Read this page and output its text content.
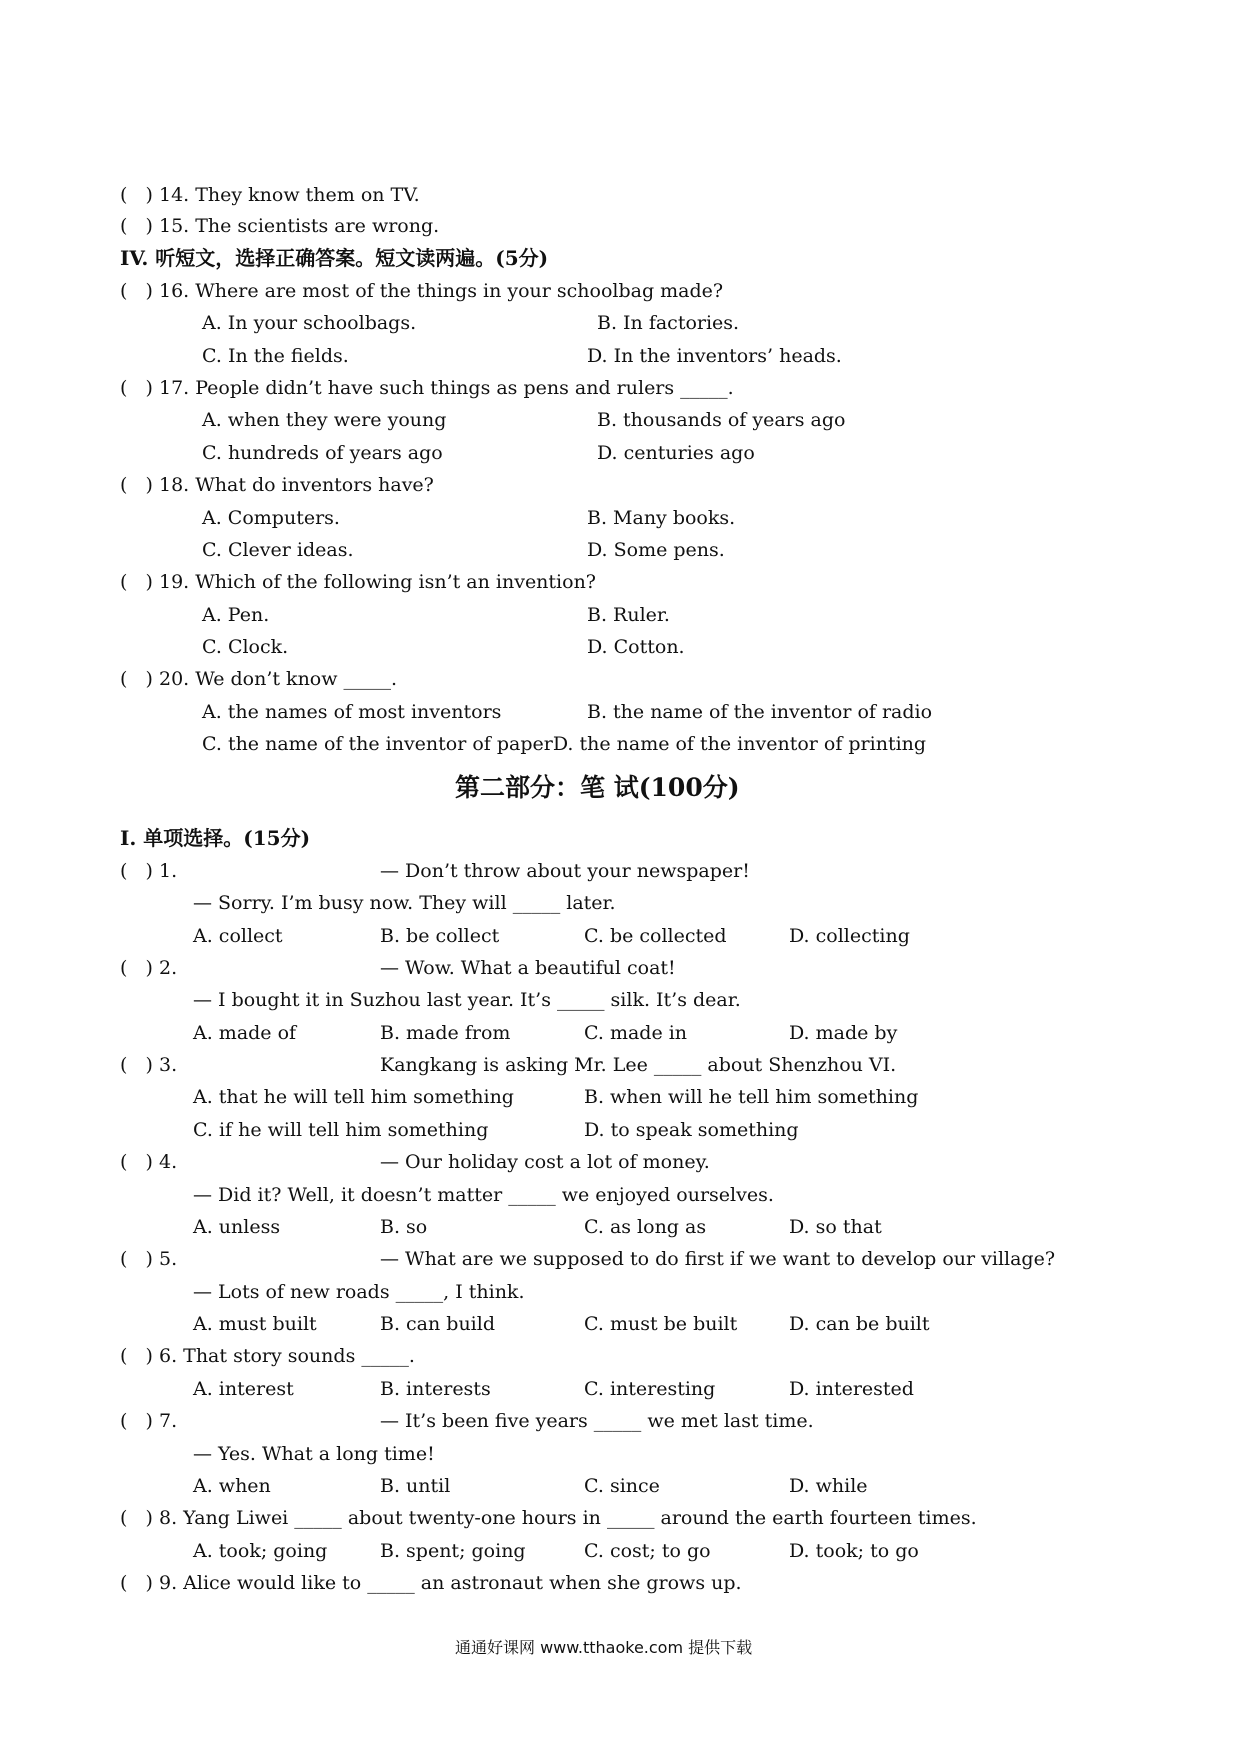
(   ) 14. They know them on TV.
(   ) 15. The scientists are wrong.
IV. 听短文，选择正确答案。短文读两遍。(5分)
(   ) 16. Where are most of the things in your schoolbag made?
A. In your schoolbags.	B. In factories.
C. In the fields.	D. In the inventors’ heads.
(   ) 17. People didn’t have such things as pens and rulers _____.
A. when they were young	B. thousands of years ago
C. hundreds of years ago	D. centuries ago
(   ) 18. What do inventors have?
A. Computers.	B. Many books.
C. Clever ideas.	D. Some pens.
(   ) 19. Which of the following isn’t an invention?
A. Pen.	B. Ruler.
C. Clock.	D. Cotton.
(   ) 20. We don’t know _____.
A. the names of most inventors	B. the name of the inventor of radio
C. the name of the inventor of paperD. the name of the inventor of printing
Ⅰ. 单项选择。(15分)
(   ) 1.	— Don’t throw about your newspaper!
— Sorry. I’m busy now. They will _____ later.
A. collect	B. be collect	C. be collected	D. collecting
(   ) 2.	— Wow. What a beautiful coat!
— I bought it in Suzhou last year. It’s _____ silk. It’s dear.
A. made of	B. made from	C. made in	D. made by
(   ) 3.	Kangkang is asking Mr. Lee _____ about Shenzhou VI.
A. that he will tell him something	B. when will he tell him something
C. if he will tell him something	D. to speak something
(   ) 4.	— Our holiday cost a lot of money.
— Did it? Well, it doesn’t matter _____ we enjoyed ourselves.
A. unless	B. so	C. as long as	D. so that
(   ) 5.	— What are we supposed to do first if we want to develop our village?
— Lots of new roads _____, I think.
A. must built	B. can build	C. must be built	D. can be built
(   ) 6. That story sounds _____.
A. interest	B. interests	C. interesting	D. interested
(   ) 7.	— It’s been five years _____ we met last time.
— Yes. What a long time!
A. when	B. until	C. since	D. while
(   ) 8. Yang Liwei _____ about twenty-one hours in _____ around the earth fourteen times.
A. took; going	B. spent; going	C. cost; to go	D. took; to go
(   ) 9. Alice would like to _____ an astronaut when she grows up.
第二部分：笔 试(100分)
通通好课网 www.tthaoke.com 提供下载
